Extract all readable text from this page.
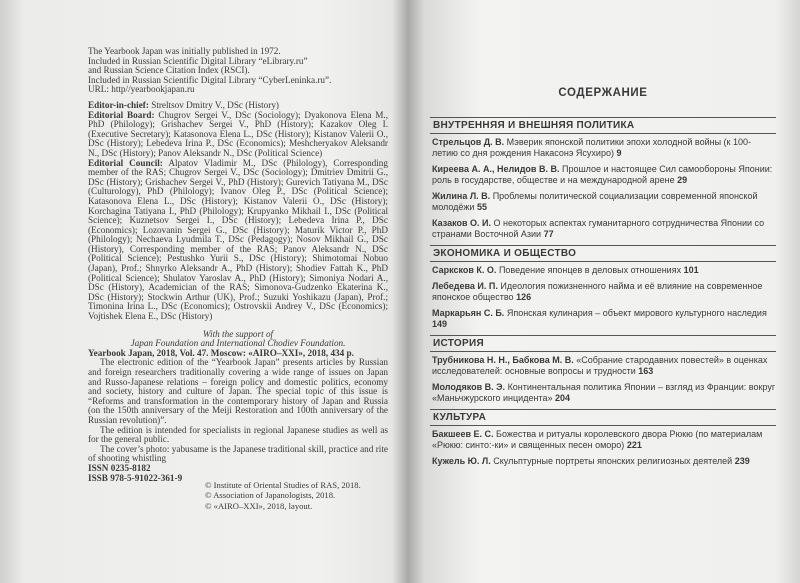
The Yearbook Japan was initially published in 1972.

Included in Russian Scientific Digital Library “eLibrary.ru”

and Russian Science Citation Index (RSCI).

Included in Russian Scientific Digital Library “CyberLeninka.ru”.

URL: http//yearbookjapan.ru

Editor-in-chief: Streltsov Dmitry V., DSc (History)

Editorial Board: Chugrov Sergei V., DSc (Sociology); Dyakonova Elena M., PhD (Philology); Grishachev Sergei V., PhD (History); Kazakov Oleg I. (Executive Secretary); Katasonova Elena L., DSc (History); Kistanov Valerii O., DSc (History); Lebedeva Irina P., DSc (Economics); Meshcheryakov Aleksandr N., DSc (History); Panov Aleksandr N., DSc (Political Science)

Editorial Council: Alpatov Vladimir M., DSc (Philology), Corresponding member of the RAS; Chugrov Sergei V., DSc (Sociology); Dmitriev Dmitrii G., DSc (History); Grishachev Sergei V., PhD (History); Gurevich Tatiyana M., DSc (Culturology), PhD (Philology); Ivanov Oleg P., DSc (Political Science); Katasonova Elena L., DSc (History); Kistanov Valerii O., DSc (History); Korchagina Tatiyana I., PhD (Philology); Krupyanko Mikhail I., DSc (Political Science); Kuznetsov Sergei I., DSc (History); Lebedeva Irina P., DSc (Economics); Lozovanin Sergei G., DSc (History); Maturik Victor P., PhD (Philology); Nechaeva Lyudmila T., DSc (Pedagogy); Nosov Mikhail G., DSc (History), Corresponding member of the RAS; Panov Aleksandr N., DSc (Political Science); Pestushko Yurii S., DSc (History); Shimotomai Nobuo (Japan), Prof.; Shnyrko Aleksandr A., PhD (History); Shodiev Fattah K., PhD (Political Science); Shulatov Yaroslav A., PhD (History); Simoniya Nodari A., DSc (History), Academician of the RAS; Simonova-Gudzenko Ekaterina K., DSc (History); Stockwin Arthur (UK), Prof.; Suzuki Yoshikazu (Japan), Prof.; Timonina Irina L., DSc (Economics); Ostrovskii Andrey V., DSc (Economics); Vojtishek Elena E., DSc (History)

With the support of

Japan Foundation and International Chodiev Foundation.

Yearbook Japan, 2018, Vol. 47. Moscow: «AIRO–XXI», 2018, 434 p.

The electronic edition of the “Yearbook Japan” presents articles by Russian and foreign researchers traditionally covering a wide range of issues on Japan and Russo-Japanese relations – foreign policy and domestic politics, economy and society, history and culture of Japan. The special topic of this issue is “Reforms and transformation in the contemporary history of Japan and Russia (on the 150th anniversary of the Meiji Restoration and 100th anniversary of the Russian revolution)”.

The edition is intended for specialists in regional Japanese studies as well as for the general public.

The cover’s photo: yabusame is the Japanese traditional skill, practice and rite of shooting whistling

ISSN 0235-8182

ISSB 978-5-91022-361-9

© Institute of Oriental Studies of RAS, 2018.

© Association of Japanologists, 2018.

© «AIRO–XXI», 2018, layout.

СОДЕРЖАНИЕ
ВНУТРЕННЯЯ И ВНЕШНЯЯ ПОЛИТИКА
Стрельцов Д. В. Мэверик японской политики эпохи холодной войны (к 100-летию со дня рождения Накасонэ Ясухиро) 9
Киреева А. А., Нелидов В. В. Прошлое и настоящее Сил самообороны Японии: роль в государстве, обществе и на международной арене 29
Жилина Л. В. Проблемы политической социализации современной японской молодёжи 55
Казаков О. И. О некоторых аспектах гуманитарного сотрудничества Японии со странами Восточной Азии 77
ЭКОНОМИКА И ОБЩЕСТВО
Сарксков К. О. Поведение японцев в деловых отношениях 101
Лебедева И. П. Идеология пожизненного найма и её влияние на современное японское общество 126
Маркарьян С. Б. Японская кулинария – объект мирового культурного наследия 149
ИСТОРИЯ
Трубникова Н. Н., Бабкова М. В. «Собрание стародавних повестей» в оценках исследователей: основные вопросы и трудности 163
Молодяков В. Э. Континентальная политика Японии – взгляд из Франции: вокруг «Маньчжурского инцидента» 204
КУЛЬТУРА
Бакшеев Е. С. Божества и ритуалы королевского двора Рюкю (по материалам «Рюкю: синто:-ки» и священных песен оморо) 221
Кужель Ю. Л. Скульптурные портреты японских религиозных деятелей 239
